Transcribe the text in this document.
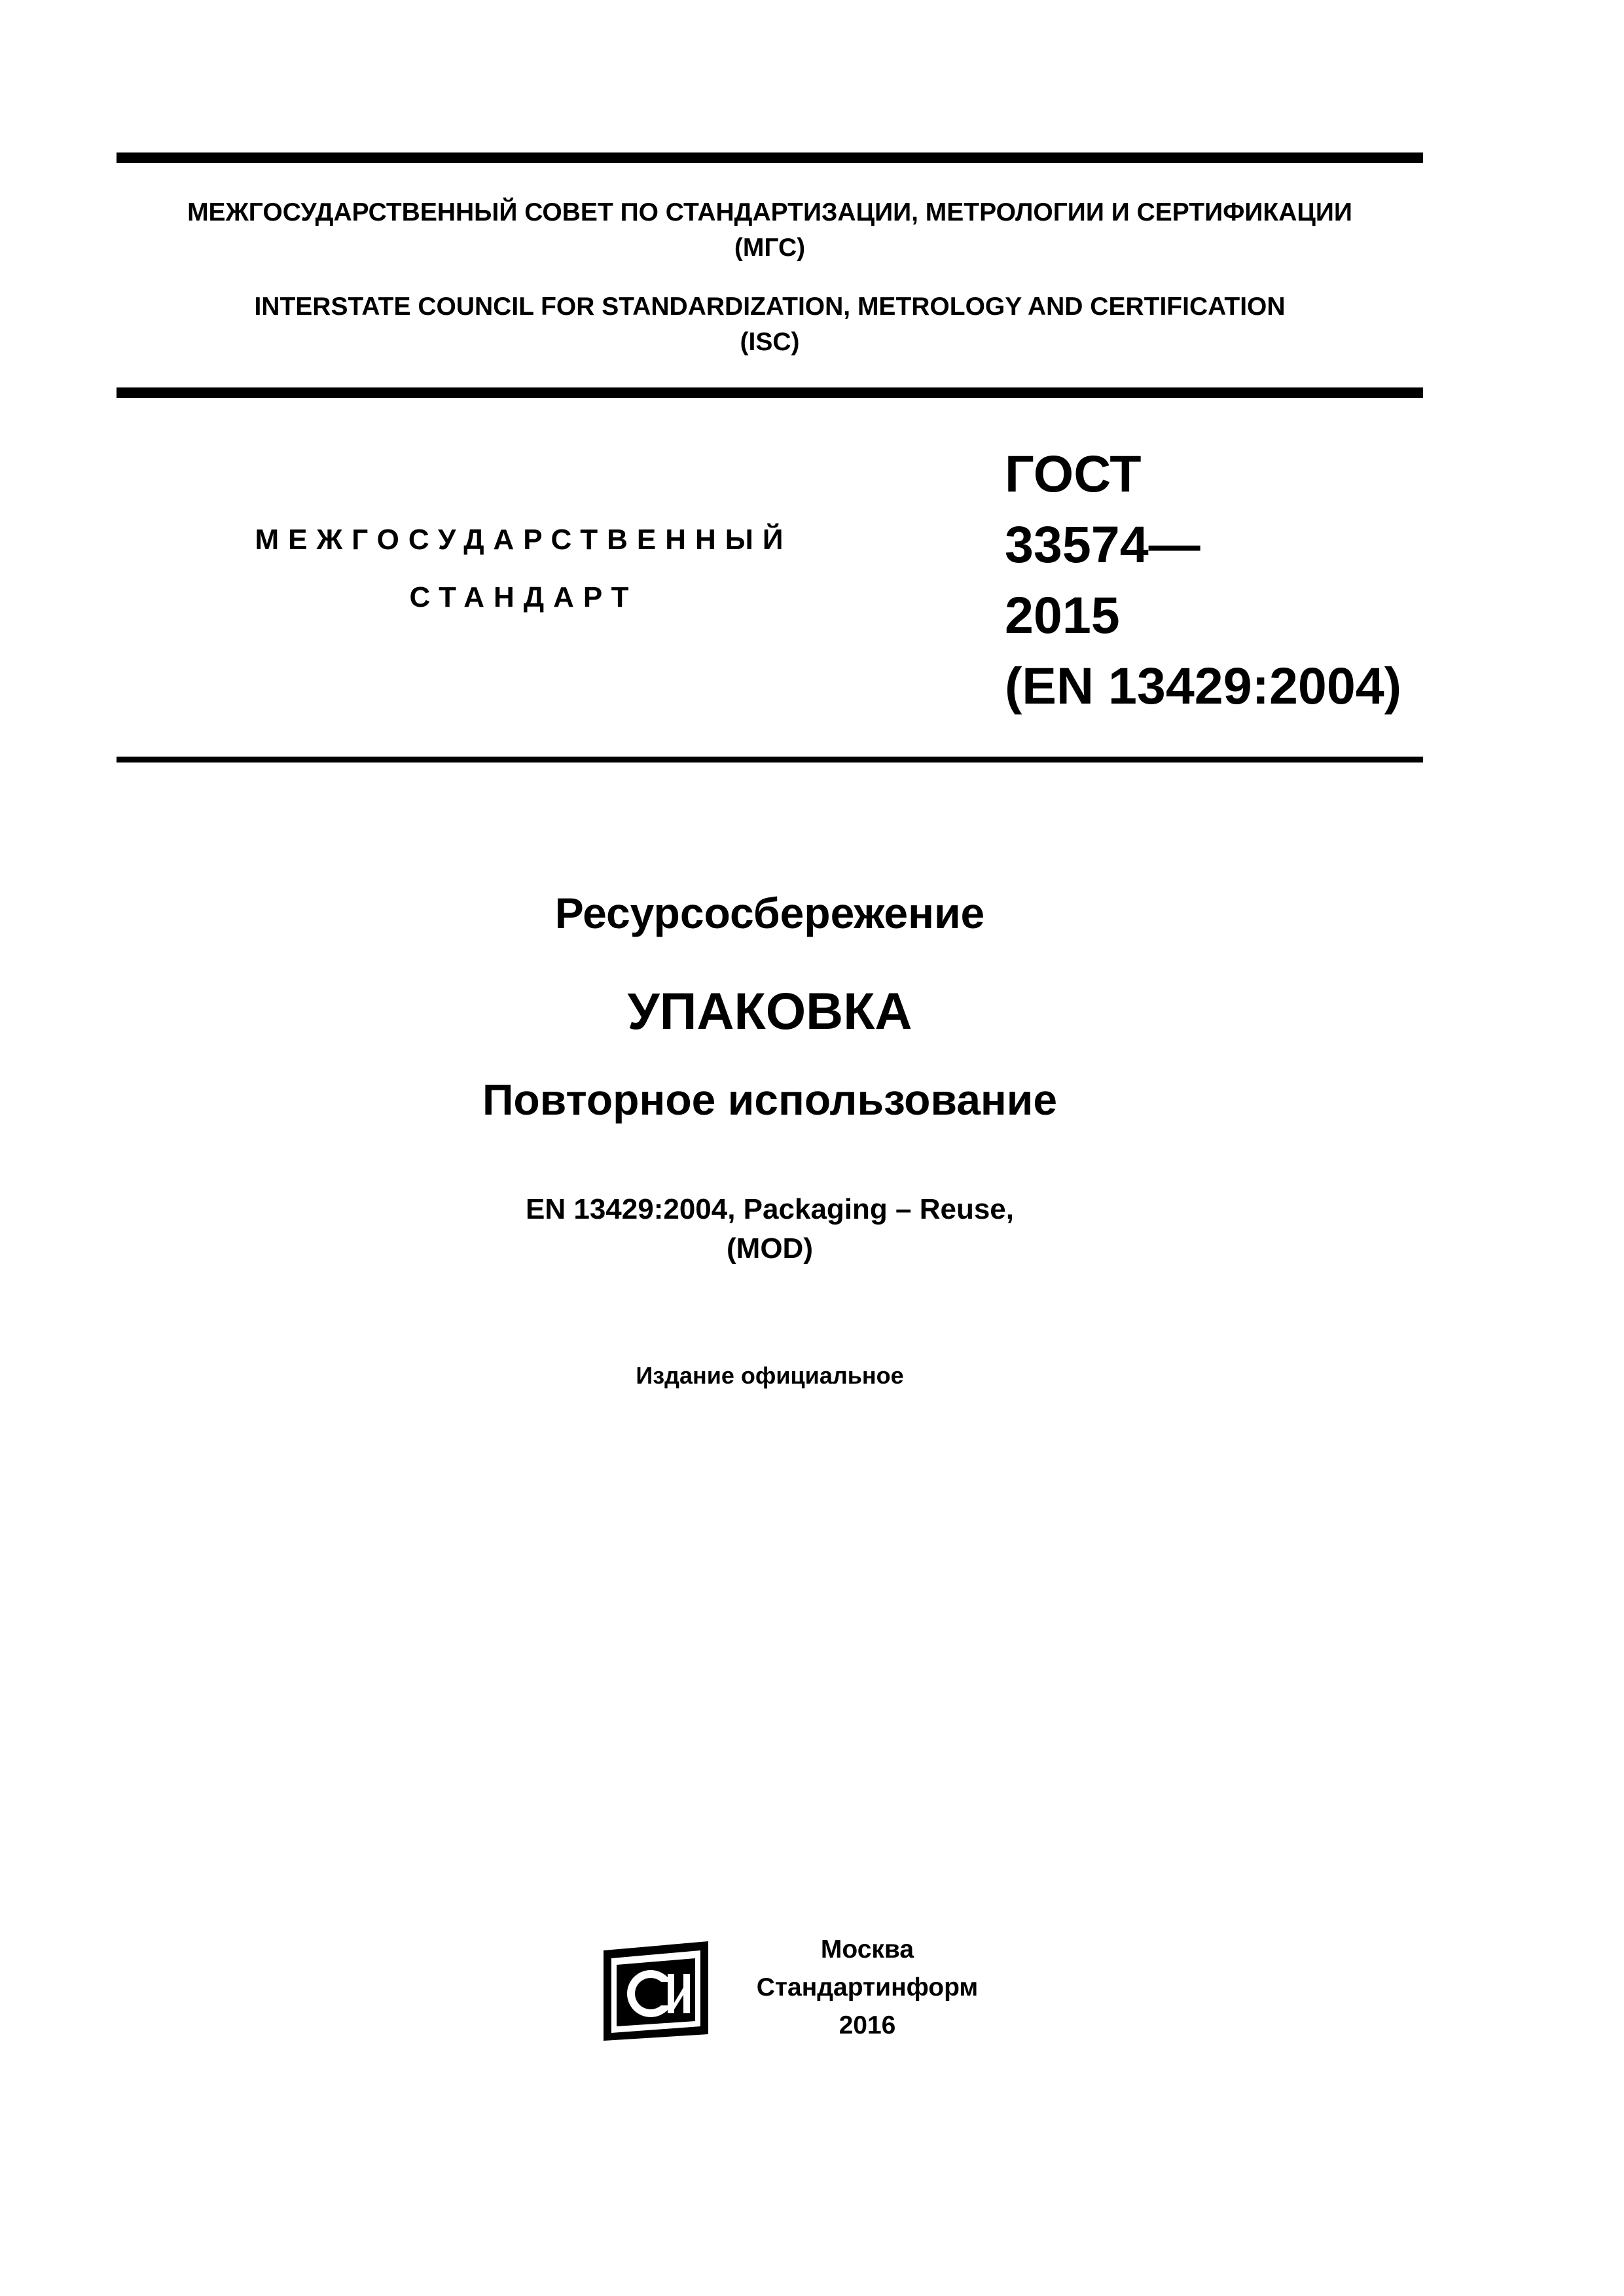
МЕЖГОСУДАРСТВЕННЫЙ СОВЕТ ПО СТАНДАРТИЗАЦИИ, МЕТРОЛОГИИ И СЕРТИФИКАЦИИ
(МГС)
INTERSTATE COUNCIL FOR STANDARDIZATION, METROLOGY AND CERTIFICATION
(ISC)
МЕЖГОСУДАРСТВЕННЫЙ
СТАНДАРТ
ГОСТ
33574—
2015
(EN 13429:2004)
Ресурсосбережение
УПАКОВКА
Повторное использование
EN 13429:2004, Packaging – Reuse,
(MOD)
Издание официальное
Москва
Стандартинформ
2016
